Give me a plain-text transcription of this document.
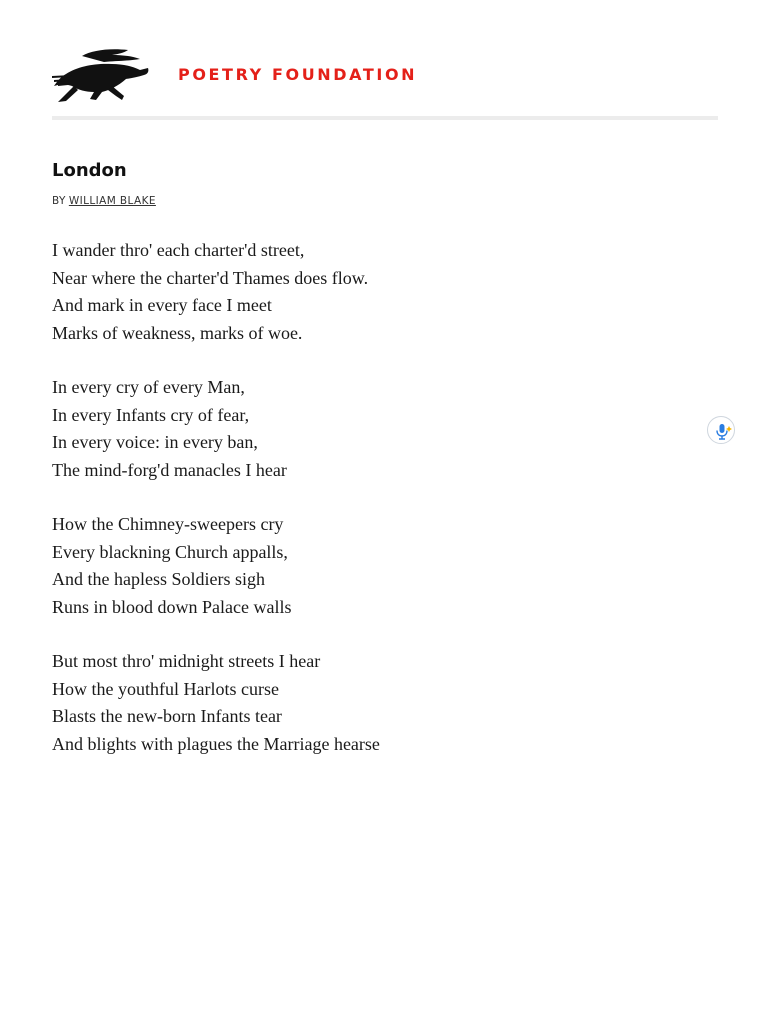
POETRY FOUNDATION
London
BY WILLIAM BLAKE
I wander thro' each charter'd street,
Near where the charter'd Thames does flow.
And mark in every face I meet
Marks of weakness, marks of woe.
In every cry of every Man,
In every Infants cry of fear,
In every voice: in every ban,
The mind-forg'd manacles I hear
How the Chimney-sweepers cry
Every blackning Church appalls,
And the hapless Soldiers sigh
Runs in blood down Palace walls
But most thro' midnight streets I hear
How the youthful Harlots curse
Blasts the new-born Infants tear
And blights with plagues the Marriage hearse
